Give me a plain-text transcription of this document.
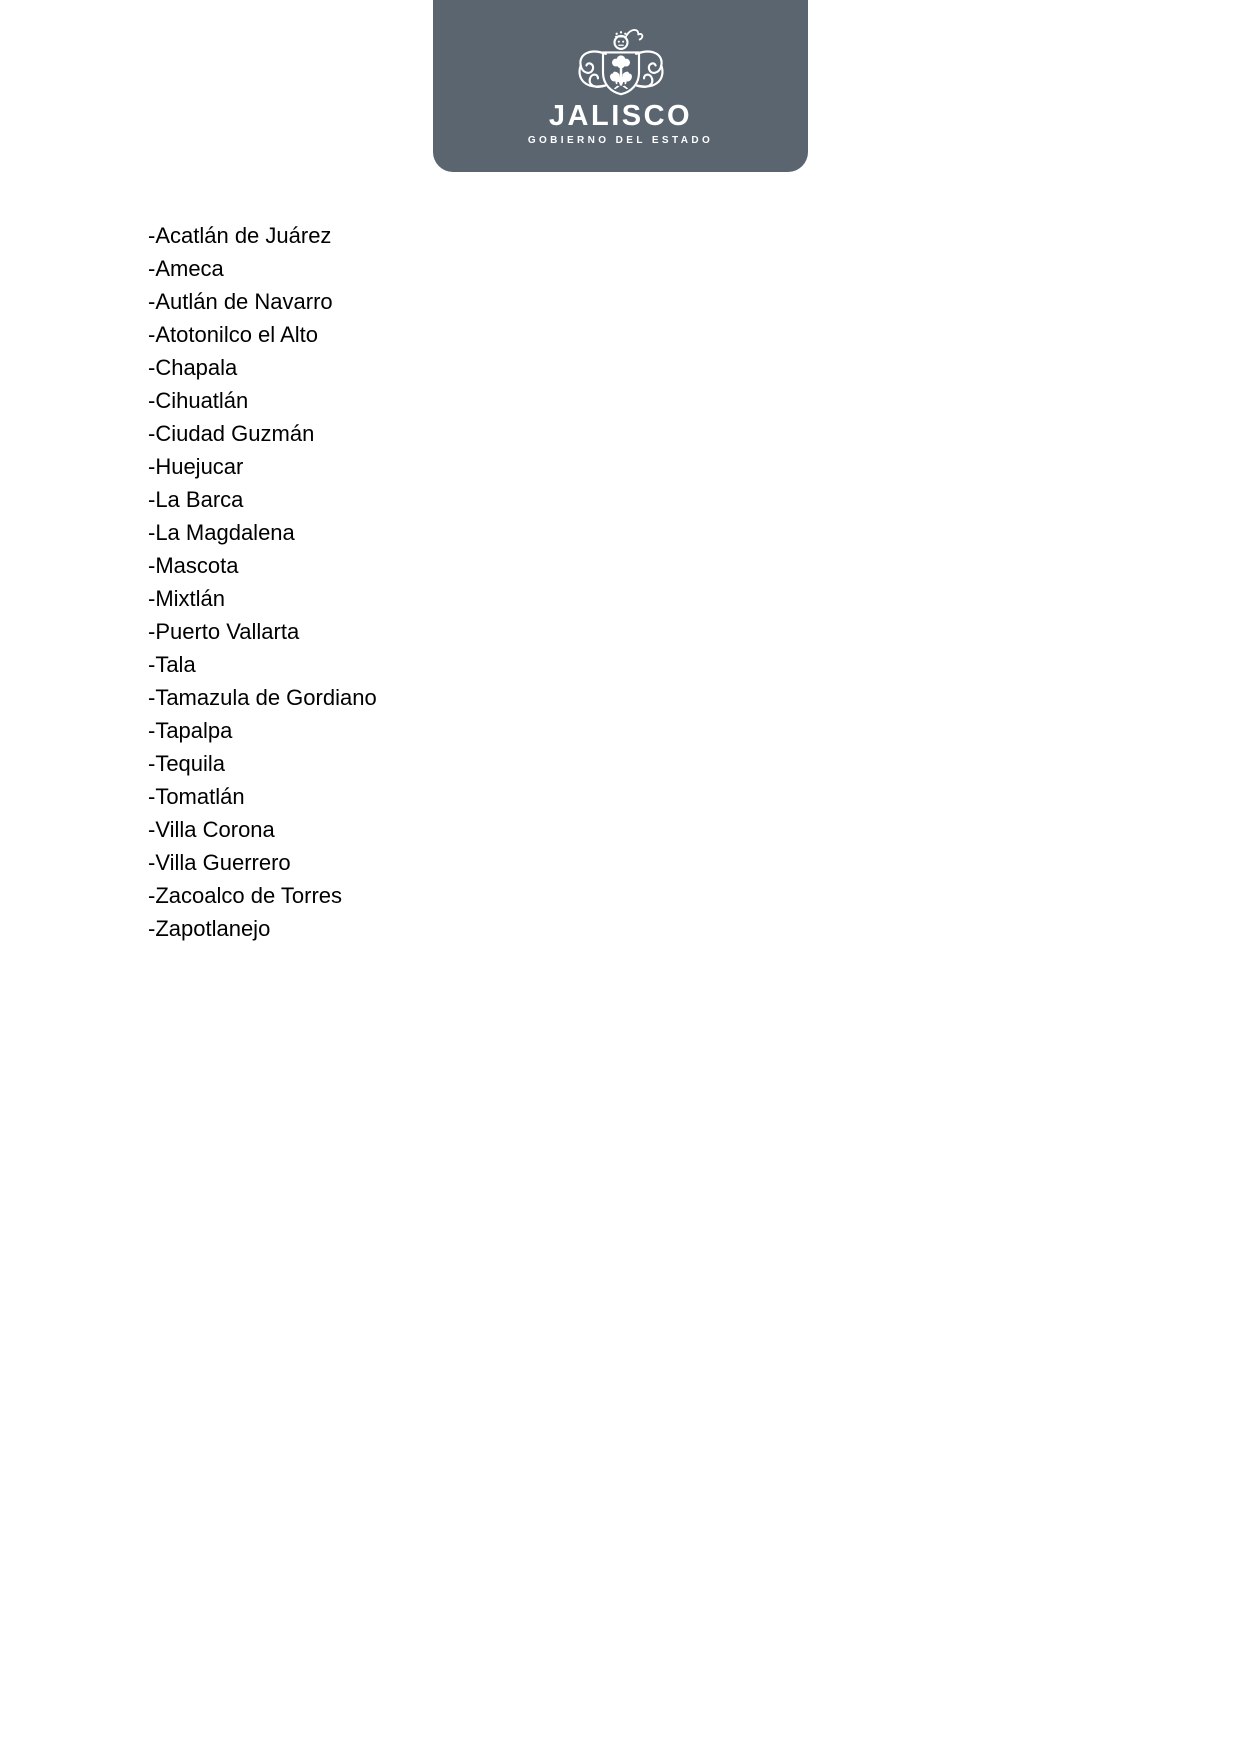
JALISCO
GOBIERNO DEL ESTADO
-Acatlán de Juárez
-Ameca
-Autlán de Navarro
-Atotonilco el Alto
-Chapala
-Cihuatlán
-Ciudad Guzmán
-Huejucar
-La Barca
-La Magdalena
-Mascota
-Mixtlán
-Puerto Vallarta
-Tala
-Tamazula de Gordiano
-Tapalpa
-Tequila
-Tomatlán
-Villa Corona
-Villa Guerrero
-Zacoalco de Torres
-Zapotlanejo
